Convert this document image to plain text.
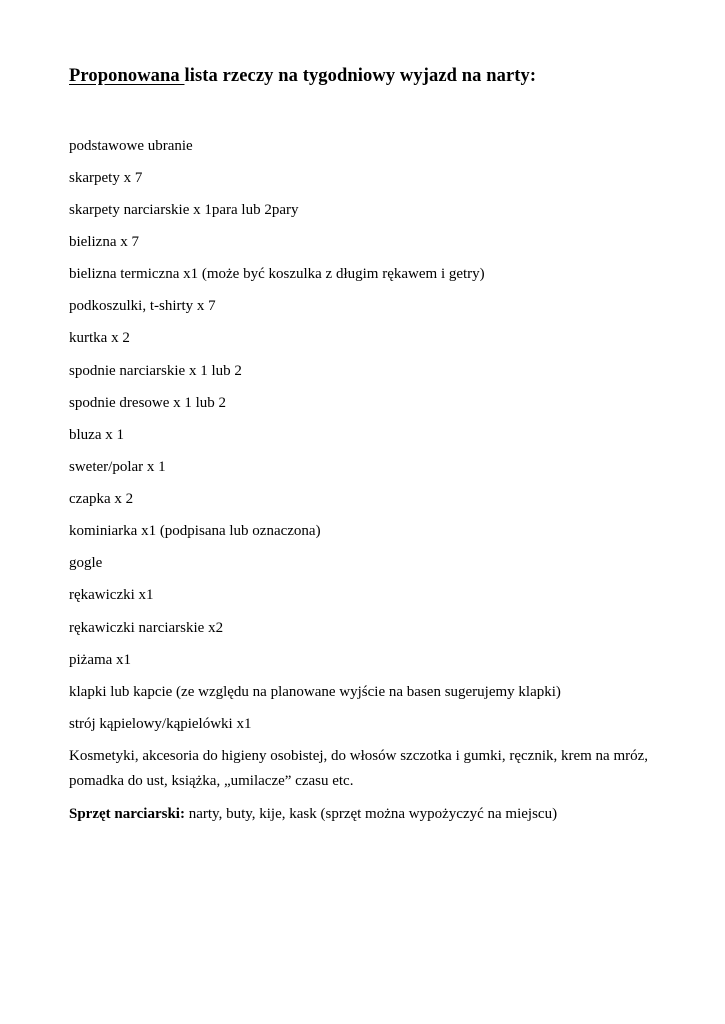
Proponowana lista rzeczy na tygodniowy wyjazd na narty:
podstawowe ubranie
skarpety x 7
skarpety narciarskie x 1para lub 2pary
bielizna x 7
bielizna termiczna x1 (może być koszulka z długim rękawem i getry)
podkoszulki, t-shirty x 7
kurtka x 2
spodnie narciarskie x 1 lub 2
spodnie dresowe x 1 lub 2
bluza x 1
sweter/polar x 1
czapka x 2
kominiarka x1 (podpisana lub oznaczona)
gogle
rękawiczki x1
rękawiczki narciarskie x2
piżama x1
klapki lub kapcie (ze względu na planowane wyjście na basen sugerujemy klapki)
strój kąpielowy/kąpielówki x1
Kosmetyki, akcesoria do higieny osobistej, do włosów szczotka i gumki, ręcznik, krem na mróz, pomadka do ust, książka, „umilacze” czasu etc.
Sprzęt narciarski: narty, buty, kije, kask (sprzęt można wypożyczyć na miejscu)
